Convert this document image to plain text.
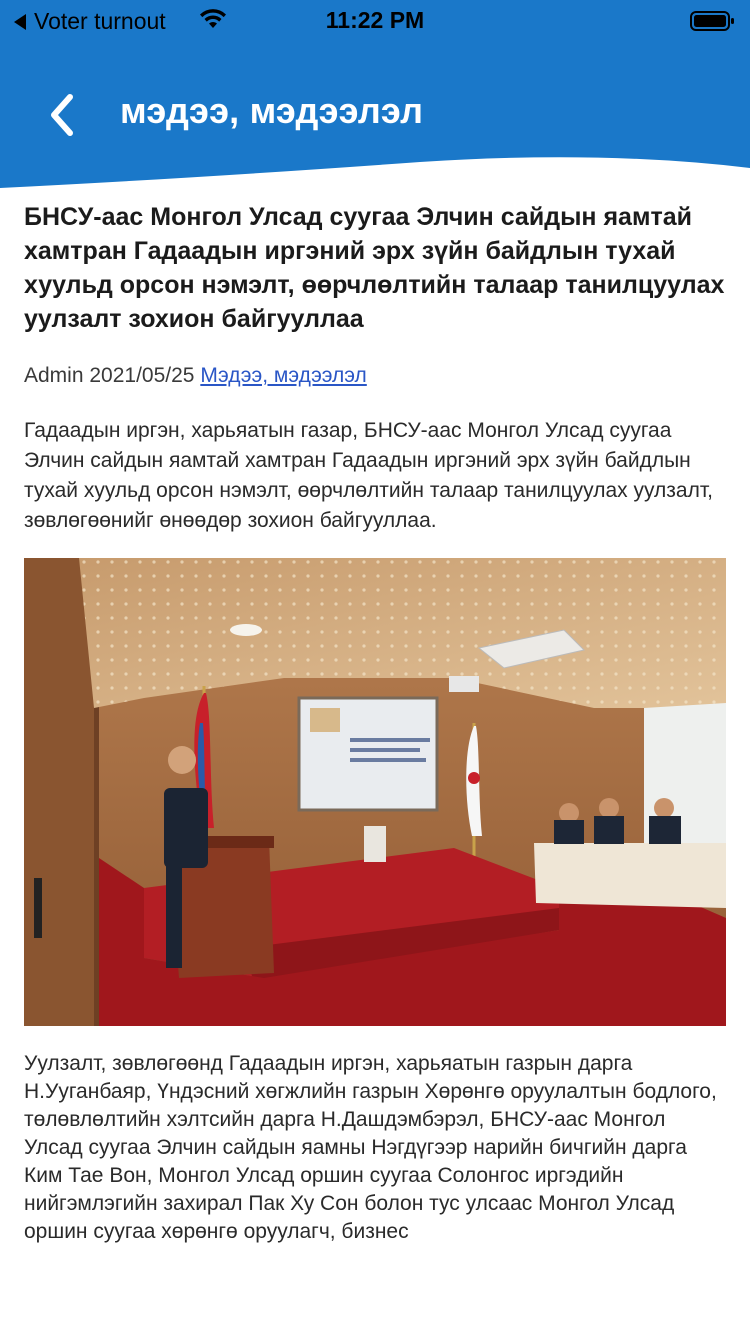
Voter turnout	11:22 PM
мэдээ, мэдээлэл
БНСУ-аас Монгол Улсад суугаа Элчин сайдын яамтай хамтран Гадаадын иргэний эрх зүйн байдлын тухай хуульд орсон нэмэлт, өөрчлөлтийн талаар танилцуулах уулзалт зохион байгууллаа
Admin 2021/05/25 Мэдээ, мэдээлэл
Гадаадын иргэн, харьяатын газар, БНСУ-аас Монгол Улсад суугаа Элчин сайдын яамтай хамтран Гадаадын иргэний эрх зүйн байдлын тухай хуульд орсон нэмэлт, өөрчлөлтийн талаар танилцуулах уулзалт, зөвлөгөөнийг өнөөдөр зохион байгууллаа.
Уулзалт, зөвлөгөөнд Гадаадын иргэн, харьяатын газрын дарга Н.Ууганбаяр, Үндэсний хөгжлийн газрын Хөрөнгө оруулалтын бодлого, төлөвлөлтийн хэлтсийн дарга Н.Дашдэмбэрэл, БНСУ-аас Монгол Улсад суугаа Элчин сайдын яамны Нэгдүгээр нарийн бичгийн дарга Ким Тае Вон, Монгол Улсад оршин суугаа Солонгос иргэдийн нийгэмлэгийн захирал Пак Ху Сон болон тус улсаас Монгол Улсад оршин суугаа хөрөнгө оруулагч, бизнес
